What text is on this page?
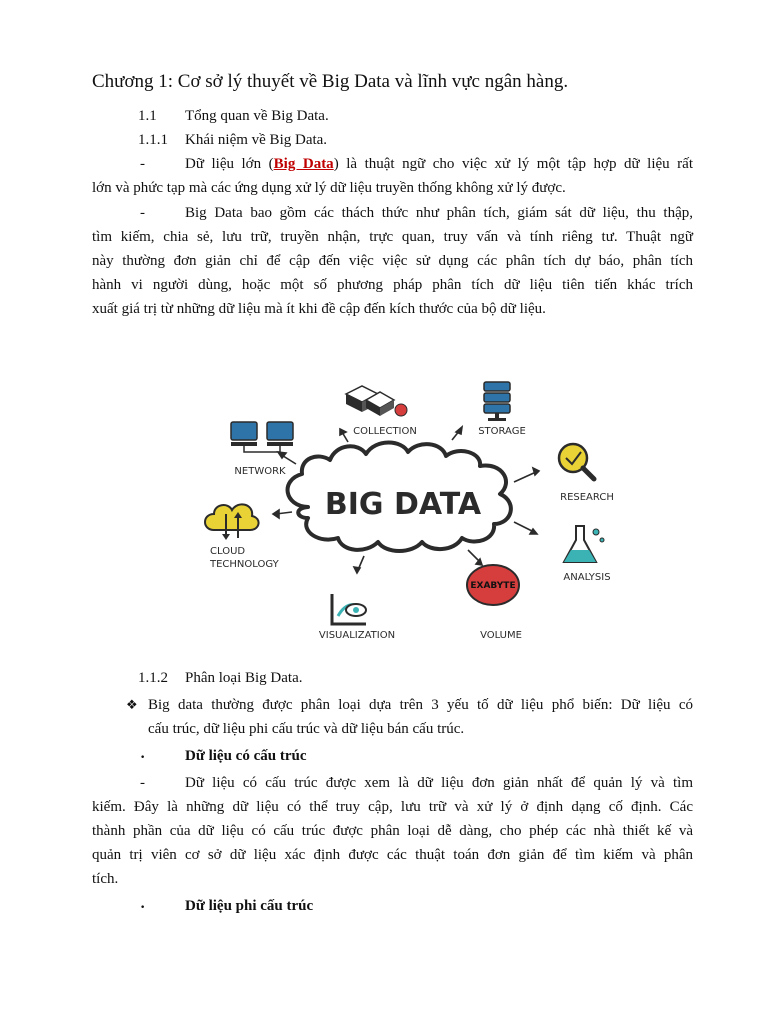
Chương 1: Cơ sở lý thuyết về Big Data và lĩnh vực ngân hàng.
1.1 Tổng quan về Big Data.
1.1.1 Khái niệm về Big Data.
-	Dữ liệu lớn (Big Data) là thuật ngữ cho việc xử lý một tập hợp dữ liệu rất
lớn và phức tạp mà các ứng dụng xử lý dữ liệu truyền thống không xử lý được.
-	Big Data bao gồm các thách thức như phân tích, giám sát dữ liệu, thu thập,
tìm kiếm, chia sẻ, lưu trữ, truyền nhận, trực quan, truy vấn và tính riêng tư. Thuật ngữ
này thường đơn giản chỉ để cập đến việc việc sử dụng các phân tích dự báo, phân tích
hành vi người dùng, hoặc một số phương pháp phân tích dữ liệu tiên tiến khác trích
xuất giá trị từ những dữ liệu mà ít khi đề cập đến kích thước của bộ dữ liệu.
BIG DATA
NETWORK
COLLECTION	STORAGE
RESEARCH
ANALYSIS
EXABYTE
VOLUME
VISUALIZATION
CLOUD
TECHNOLOGY
1.1.2 Phân loại Big Data.
❖ Big data thường được phân loại dựa trên 3 yếu tố dữ liệu phổ biến: Dữ liệu có
cấu trúc, dữ liệu phi cấu trúc và dữ liệu bán cấu trúc.
•	Dữ liệu có cấu trúc
-	Dữ liệu có cấu trúc được xem là dữ liệu đơn giản nhất để quản lý và tìm
kiếm. Đây là những dữ liệu có thể truy cập, lưu trữ và xử lý ở định dạng cố định. Các
thành phần của dữ liệu có cấu trúc được phân loại dễ dàng, cho phép các nhà thiết kế và
quản trị viên cơ sở dữ liệu xác định được các thuật toán đơn giản để tìm kiếm và phân
tích.
•	Dữ liệu phi cấu trúc
